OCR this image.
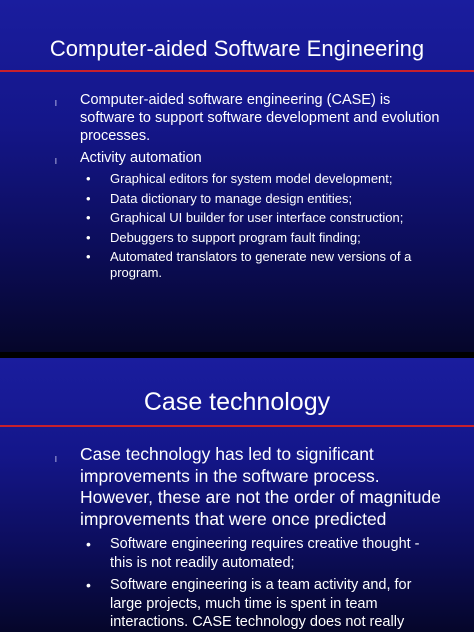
Computer-aided Software Engineering
l Computer-aided software engineering (CASE) is software to support software development and evolution processes.
l Activity automation
• Graphical editors for system model development;
• Data dictionary to manage design entities;
• Graphical UI builder for user interface construction;
• Debuggers to support program fault finding;
• Automated translators to generate new versions of a program.
Case technology
l Case technology has led to significant improvements in the software process. However, these are not the order of magnitude improvements that were once predicted
• Software engineering requires creative thought - this is not readily automated;
• Software engineering is a team activity and, for large projects, much time is spent in team interactions. CASE technology does not really
